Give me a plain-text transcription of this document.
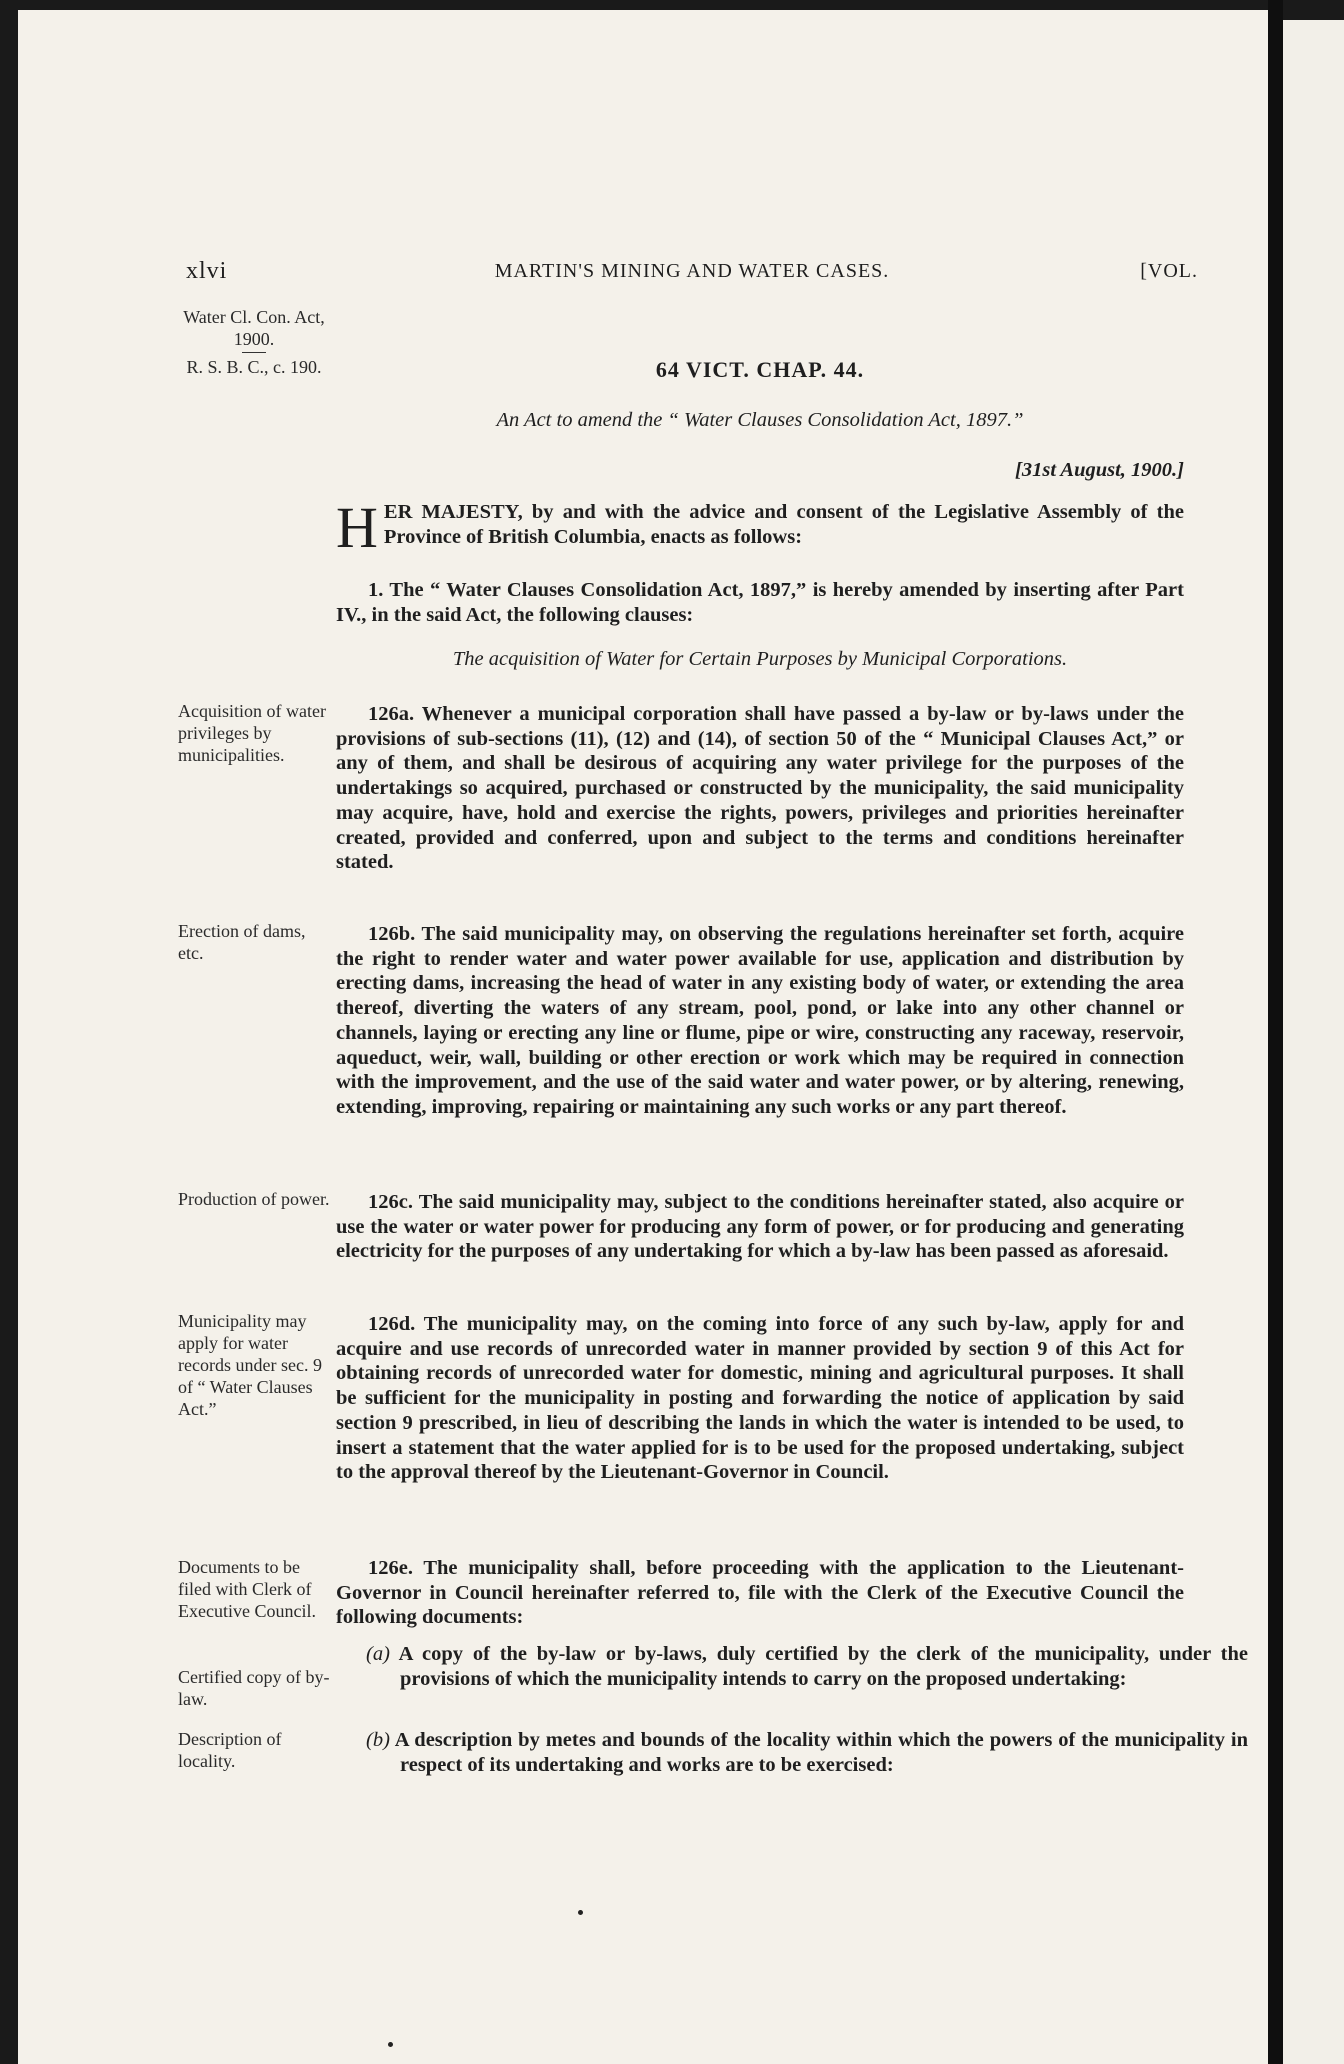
xlvi	MARTIN'S MINING AND WATER CASES.	[VOL.
Water Cl. Con. Act, 1900.
R. S. B. C., c. 190.
Acquisition of water privileges by municipalities.
Erection of dams, etc.
Production of power.
Municipality may apply for water records under sec. 9 of “ Water Clauses Act.”
Documents to be filed with Clerk of Executive Council.
Certified copy of by-law.
Description of locality.
64 VICT. CHAP. 44.
An Act to amend the “ Water Clauses Consolidation Act, 1897.”
[31st August, 1900.]
HER MAJESTY, by and with the advice and consent of the Legislative Assembly of the Province of British Columbia, enacts as follows:
1. The “ Water Clauses Consolidation Act, 1897,” is hereby amended by inserting after Part IV., in the said Act, the following clauses:
The acquisition of Water for Certain Purposes by Municipal Corporations.
126a. Whenever a municipal corporation shall have passed a by-law or by-laws under the provisions of sub-sections (11), (12) and (14), of section 50 of the “ Municipal Clauses Act,” or any of them, and shall be desirous of acquiring any water privilege for the purposes of the undertakings so acquired, purchased or constructed by the municipality, the said municipality may acquire, have, hold and exercise the rights, powers, privileges and priorities hereinafter created, provided and conferred, upon and subject to the terms and conditions hereinafter stated.
126b. The said municipality may, on observing the regulations hereinafter set forth, acquire the right to render water and water power available for use, application and distribution by erecting dams, increasing the head of water in any existing body of water, or extending the area thereof, diverting the waters of any stream, pool, pond, or lake into any other channel or channels, laying or erecting any line or flume, pipe or wire, constructing any raceway, reservoir, aqueduct, weir, wall, building or other erection or work which may be required in connection with the improvement, and the use of the said water and water power, or by altering, renewing, extending, improving, repairing or maintaining any such works or any part thereof.
126c. The said municipality may, subject to the conditions hereinafter stated, also acquire or use the water or water power for producing any form of power, or for producing and generating electricity for the purposes of any undertaking for which a by-law has been passed as aforesaid.
126d. The municipality may, on the coming into force of any such by-law, apply for and acquire and use records of unrecorded water in manner provided by section 9 of this Act for obtaining records of unrecorded water for domestic, mining and agricultural purposes. It shall be sufficient for the municipality in posting and forwarding the notice of application by said section 9 prescribed, in lieu of describing the lands in which the water is intended to be used, to insert a statement that the water applied for is to be used for the proposed undertaking, subject to the approval thereof by the Lieutenant-Governor in Council.
126e. The municipality shall, before proceeding with the application to the Lieutenant-Governor in Council hereinafter referred to, file with the Clerk of the Executive Council the following documents:
(a) A copy of the by-law or by-laws, duly certified by the clerk of the municipality, under the provisions of which the municipality intends to carry on the proposed undertaking:
(b) A description by metes and bounds of the locality within which the powers of the municipality in respect of its undertaking and works are to be exercised:
